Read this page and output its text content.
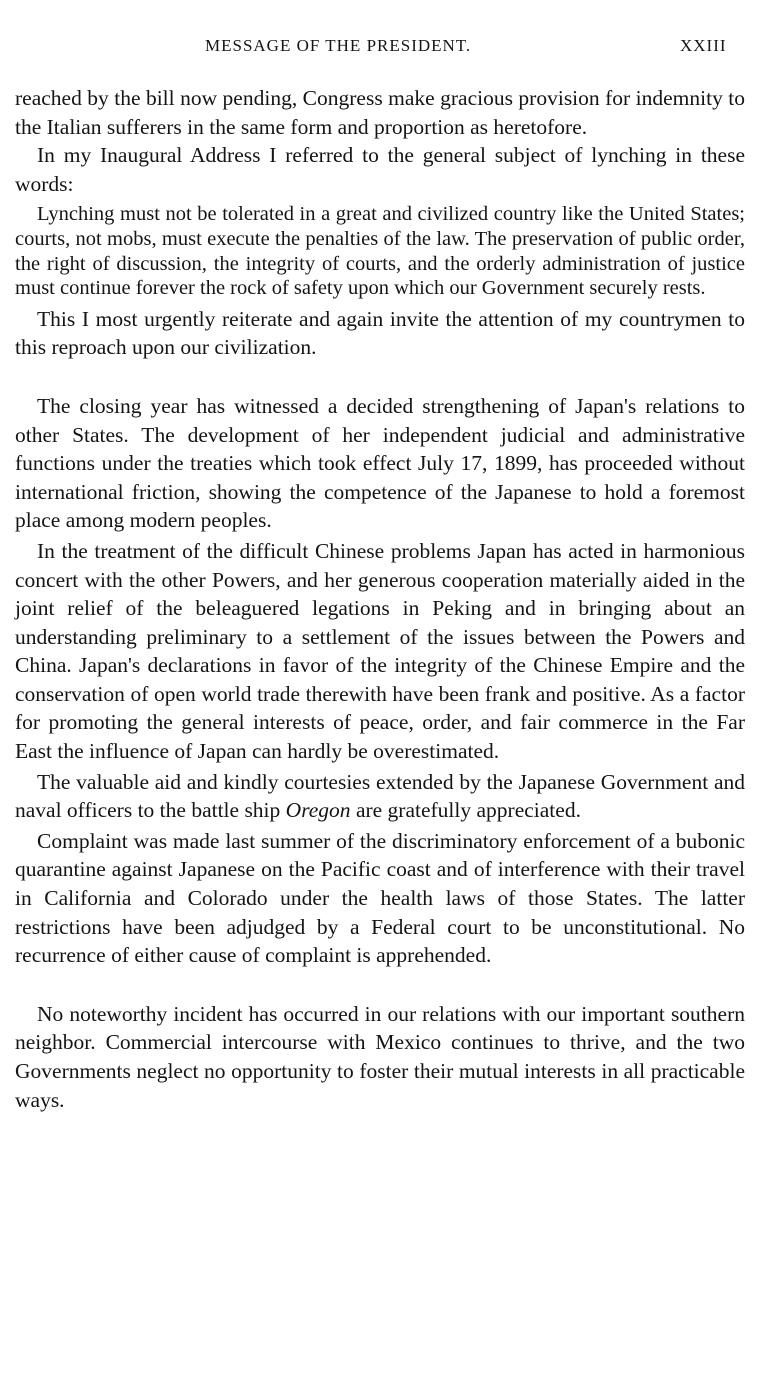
MESSAGE OF THE PRESIDENT.	XXIII

reached by the bill now pending, Congress make gracious provision for indemnity to the Italian sufferers in the same form and proportion as heretofore.

In my Inaugural Address I referred to the general subject of lynching in these words:

Lynching must not be tolerated in a great and civilized country like the United States; courts, not mobs, must execute the penalties of the law. The preservation of public order, the right of discussion, the integrity of courts, and the orderly administration of justice must continue forever the rock of safety upon which our Government securely rests.

This I most urgently reiterate and again invite the attention of my countrymen to this reproach upon our civilization.

The closing year has witnessed a decided strengthening of Japan's relations to other States. The development of her independent judicial and administrative functions under the treaties which took effect July 17, 1899, has proceeded without international friction, showing the competence of the Japanese to hold a foremost place among modern peoples.

In the treatment of the difficult Chinese problems Japan has acted in harmonious concert with the other Powers, and her generous cooperation materially aided in the joint relief of the beleaguered legations in Peking and in bringing about an understanding preliminary to a settlement of the issues between the Powers and China. Japan's declarations in favor of the integrity of the Chinese Empire and the conservation of open world trade therewith have been frank and positive. As a factor for promoting the general interests of peace, order, and fair commerce in the Far East the influence of Japan can hardly be overestimated.

The valuable aid and kindly courtesies extended by the Japanese Government and naval officers to the battle ship Oregon are gratefully appreciated.

Complaint was made last summer of the discriminatory enforcement of a bubonic quarantine against Japanese on the Pacific coast and of interference with their travel in California and Colorado under the health laws of those States. The latter restrictions have been adjudged by a Federal court to be unconstitutional. No recurrence of either cause of complaint is apprehended.

No noteworthy incident has occurred in our relations with our important southern neighbor. Commercial intercourse with Mexico continues to thrive, and the two Governments neglect no opportunity to foster their mutual interests in all practicable ways.
